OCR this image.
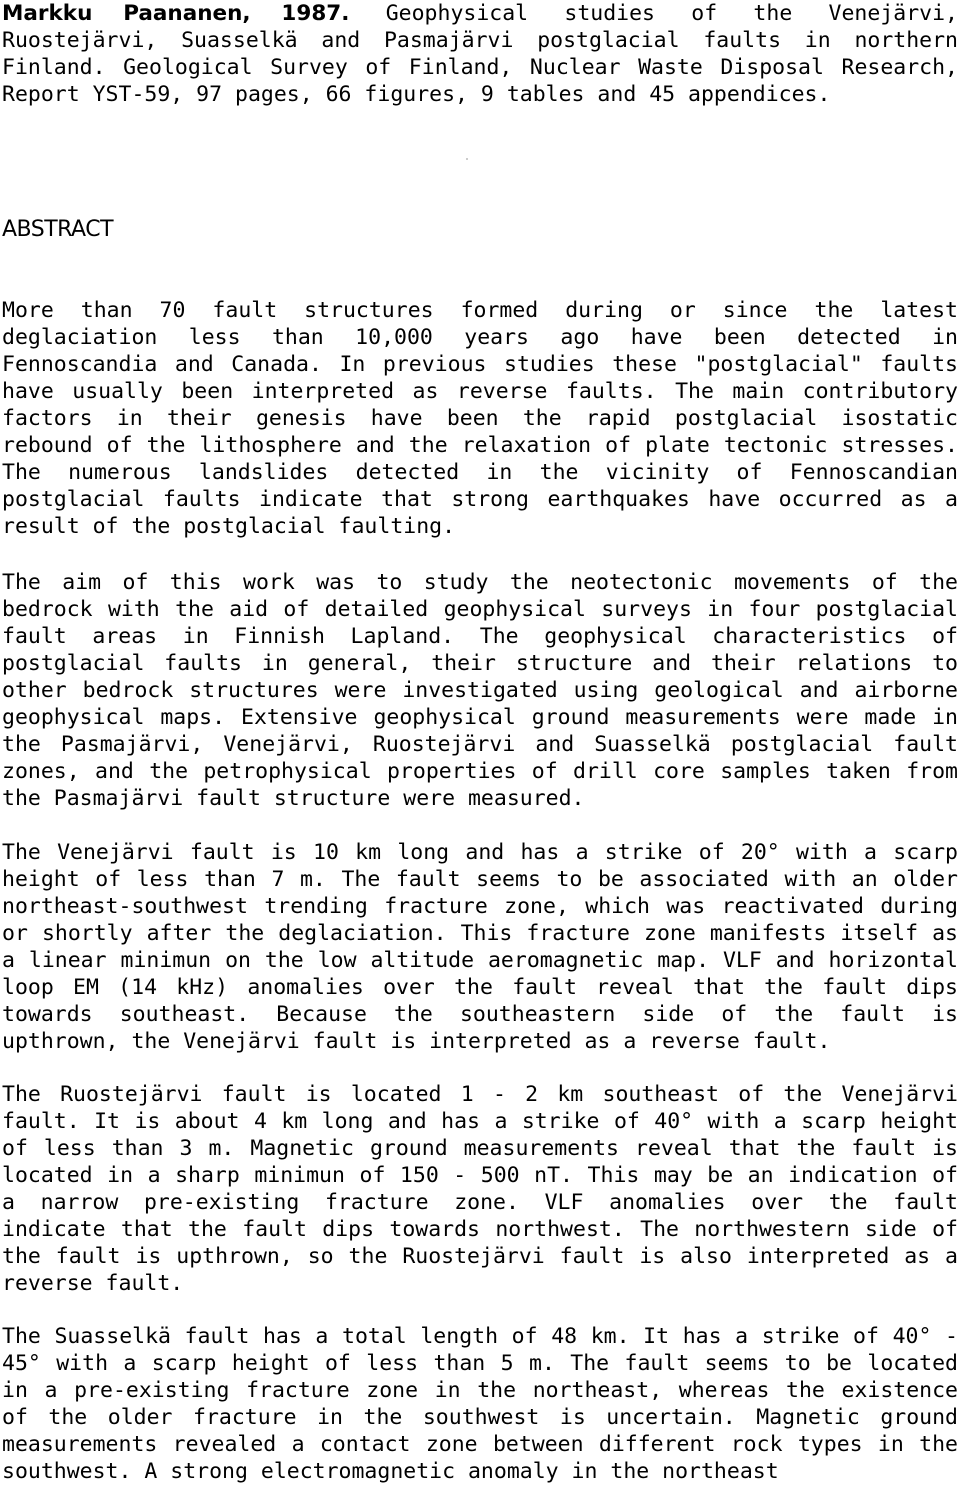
Markku Paananen, 1987. Geophysical studies of the Venejärvi, Ruostejärvi, Suasselkä and Pasmajärvi postglacial faults in northern Finland. Geological Survey of Finland, Nuclear Waste Disposal Research, Report YST-59, 97 pages, 66 figures, 9 tables and 45 appendices.

ABSTRACT

More than 70 fault structures formed during or since the latest deglaciation less than 10,000 years ago have been detected in Fennoscandia and Canada. In previous studies these "postglacial" faults have usually been interpreted as reverse faults. The main contributory factors in their genesis have been the rapid postglacial isostatic rebound of the lithosphere and the relaxation of plate tectonic stresses. The numerous landslides detected in the vicinity of Fennoscandian postglacial faults indicate that strong earthquakes have occurred as a result of the postglacial faulting.

The aim of this work was to study the neotectonic movements of the bedrock with the aid of detailed geophysical surveys in four postglacial fault areas in Finnish Lapland. The geophysical characteristics of postglacial faults in general, their structure and their relations to other bedrock structures were investigated using geological and airborne geophysical maps. Extensive geophysical ground measurements were made in the Pasmajärvi, Venejärvi, Ruostejärvi and Suasselkä postglacial fault zones, and the petrophysical properties of drill core samples taken from the Pasmajärvi fault structure were measured.

The Venejärvi fault is 10 km long and has a strike of 20° with a scarp height of less than 7 m. The fault seems to be associated with an older northeast-southwest trending fracture zone, which was reactivated during or shortly after the deglaciation. This fracture zone manifests itself as a linear minimun on the low altitude aeromagnetic map. VLF and horizontal loop EM (14 kHz) anomalies over the fault reveal that the fault dips towards southeast. Because the southeastern side of the fault is upthrown, the Venejärvi fault is interpreted as a reverse fault.

The Ruostejärvi fault is located 1 - 2 km southeast of the Venejärvi fault. It is about 4 km long and has a strike of 40° with a scarp height of less than 3 m. Magnetic ground measurements reveal that the fault is located in a sharp minimun of 150 - 500 nT. This may be an indication of a narrow pre-existing fracture zone. VLF anomalies over the fault indicate that the fault dips towards northwest. The northwestern side of the fault is upthrown, so the Ruostejärvi fault is also interpreted as a reverse fault.

The Suasselkä fault has a total length of 48 km. It has a strike of 40° - 45° with a scarp height of less than 5 m. The fault seems to be located in a pre-existing fracture zone in the northeast, whereas the existence of the older fracture in the southwest is uncertain. Magnetic ground measurements revealed a contact zone between different rock types in the southwest. A strong electromagnetic anomaly in the northeast
